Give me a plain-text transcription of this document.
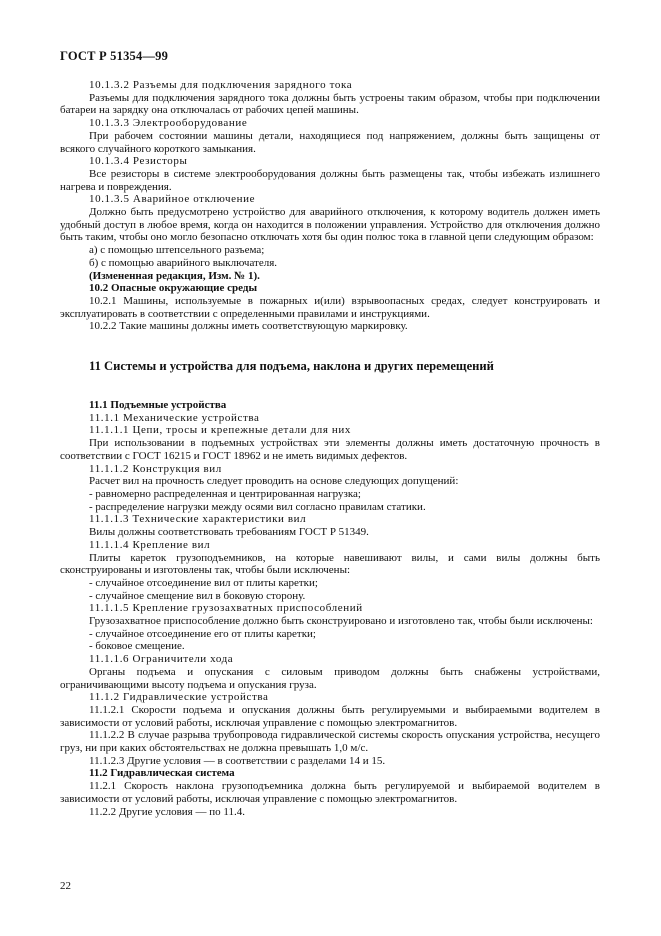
ГОСТ Р 51354—99

10.1.3.2 Разъемы для подключения зарядного тока

Разъемы для подключения зарядного тока должны быть устроены таким образом, чтобы при подключении батареи на зарядку она отключалась от рабочих цепей машины.

10.1.3.3 Электрооборудование

При рабочем состоянии машины детали, находящиеся под напряжением, должны быть защищены от всякого случайного короткого замыкания.

10.1.3.4 Резисторы

Все резисторы в системе электрооборудования должны быть размещены так, чтобы избежать излишнего нагрева и повреждения.

10.1.3.5 Аварийное отключение

Должно быть предусмотрено устройство для аварийного отключения, к которому водитель должен иметь удобный доступ в любое время, когда он находится в положении управления. Устройство для отключения должно быть таким, чтобы оно могло безопасно отключать хотя бы один полюс тока в главной цепи следующим образом:

а) с помощью штепсельного разъема;

б) с помощью аварийного выключателя.

(Измененная редакция, Изм. № 1).

10.2 Опасные окружающие среды

10.2.1 Машины, используемые в пожарных и(или) взрывоопасных средах, следует конструировать и эксплуатировать в соответствии с определенными правилами и инструкциями.

10.2.2 Такие машины должны иметь соответствующую маркировку.

11 Системы и устройства для подъема, наклона и других перемещений

11.1 Подъемные устройства

11.1.1 Механические устройства

11.1.1.1 Цепи, тросы и крепежные детали для них

При использовании в подъемных устройствах эти элементы должны иметь достаточную прочность в соответствии с ГОСТ 16215 и ГОСТ 18962 и не иметь видимых дефектов.

11.1.1.2 Конструкция вил

Расчет вил на прочность следует проводить на основе следующих допущений:

- равномерно распределенная и центрированная нагрузка;

- распределение нагрузки между осями вил согласно правилам статики.

11.1.1.3 Технические характеристики вил

Вилы должны соответствовать требованиям ГОСТ Р 51349.

11.1.1.4 Крепление вил

Плиты кареток грузоподъемников, на которые навешивают вилы, и сами вилы должны быть сконструированы и изготовлены так, чтобы были исключены:

- случайное отсоединение вил от плиты каретки;

- случайное смещение вил в боковую сторону.

11.1.1.5 Крепление грузозахватных приспособлений

Грузозахватное приспособление должно быть сконструировано и изготовлено так, чтобы были исключены:

- случайное отсоединение его от плиты каретки;

- боковое смещение.

11.1.1.6 Ограничители хода

Органы подъема и опускания с силовым приводом должны быть снабжены устройствами, ограничивающими высоту подъема и опускания груза.

11.1.2 Гидравлические устройства

11.1.2.1 Скорости подъема и опускания должны быть регулируемыми и выбираемыми водителем в зависимости от условий работы, исключая управление с помощью электромагнитов.

11.1.2.2 В случае разрыва трубопровода гидравлической системы скорость опускания устройства, несущего груз, ни при каких обстоятельствах не должна превышать 1,0 м/с.

11.1.2.3 Другие условия — в соответствии с разделами 14 и 15.

11.2 Гидравлическая система

11.2.1 Скорость наклона грузоподъемника должна быть регулируемой и выбираемой водителем в зависимости от условий работы, исключая управление с помощью электромагнитов.

11.2.2 Другие условия — по 11.4.

22
